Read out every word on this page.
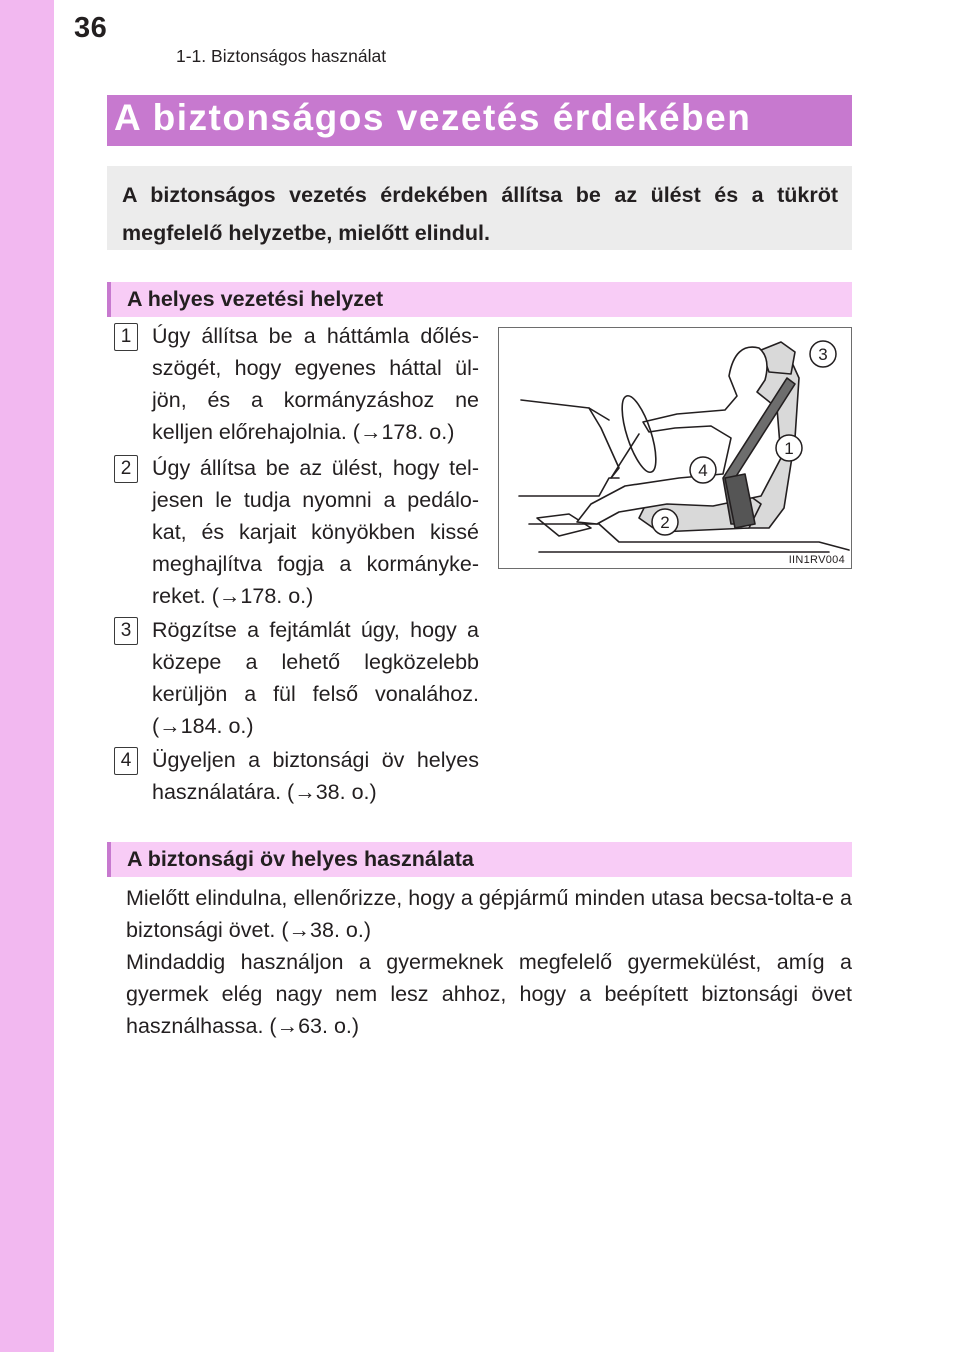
36
1-1. Biztonságos használat
A biztonságos vezetés érdekében
A biztonságos vezetés érdekében állítsa be az ülést és a tükröt megfelelő helyzetbe, mielőtt elindul.
A helyes vezetési helyzet
1 Úgy állítsa be a háttámla dőlés-szögét, hogy egyenes háttal ül-jön, és a kormányzáshoz ne kelljen előrehajolnia. (→178. o.)
2 Úgy állítsa be az ülést, hogy tel-jesen le tudja nyomni a pedálo-kat, és karjait könyökben kissé meghajlítva fogja a kormányke-reket. (→178. o.)
3 Rögzítse a fejtámlát úgy, hogy a közepe a lehető legközelebb kerüljön a fül felső vonalához. (→184. o.)
4 Ügyeljen a biztonsági öv helyes használatára. (→38. o.)
3
1
4
2
IIN1RV004
A biztonsági öv helyes használata

Mielőtt elindulna, ellenőrizze, hogy a gépjármű minden utasa becsa-tolta-e a biztonsági övet. (→38. o.)

Mindaddig használjon a gyermeknek megfelelő gyermekülést, amíg a gyermek elég nagy nem lesz ahhoz, hogy a beépített biztonsági övet használhassa. (→63. o.)
